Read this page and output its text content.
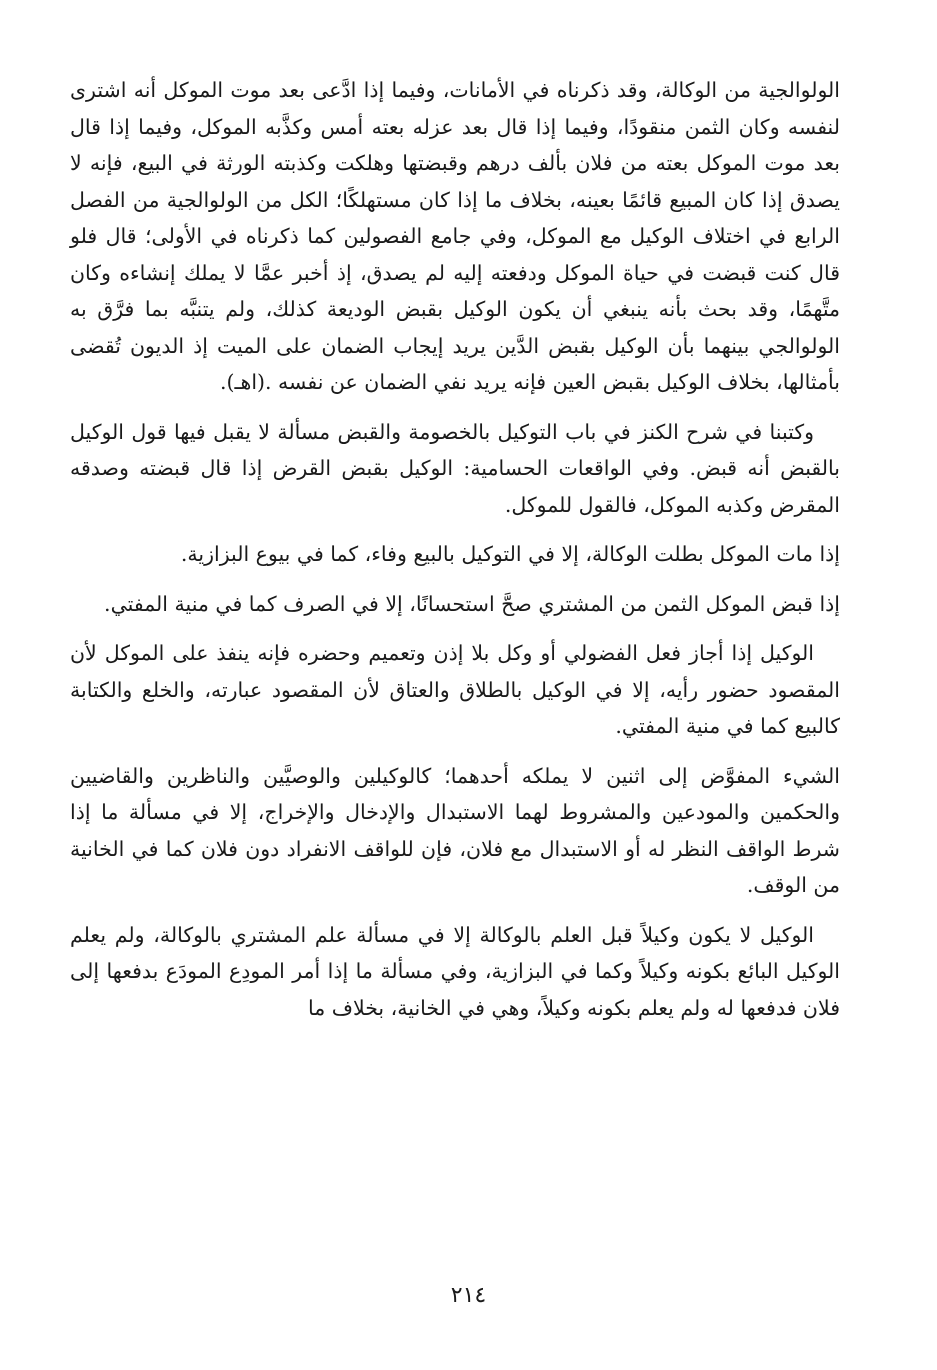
الولوالجية من الوكالة، وقد ذكرناه في الأمانات، وفيما إذا ادَّعى بعد موت الموكل أنه اشترى لنفسه وكان الثمن منقودًا، وفيما إذا قال بعد عزله بعته أمس وكذَّبه الموكل، وفيما إذا قال بعد موت الموكل بعته من فلان بألف درهم وقبضتها وهلكت وكذبته الورثة في البيع، فإنه لا يصدق إذا كان المبيع قائمًا بعينه، بخلاف ما إذا كان مستهلكًا؛ الكل من الولوالجية من الفصل الرابع في اختلاف الوكيل مع الموكل، وفي جامع الفصولين كما ذكرناه في الأولى؛ قال فلو قال كنت قبضت في حياة الموكل ودفعته إليه لم يصدق، إذ أخبر عمَّا لا يملك إنشاءه وكان متَّهمًا، وقد بحث بأنه ينبغي أن يكون الوكيل بقبض الوديعة كذلك، ولم يتنبَّه بما فرَّق به الولوالجي بينهما بأن الوكيل بقبض الدَّين يريد إيجاب الضمان على الميت إذ الديون تُقضى بأمثالها، بخلاف الوكيل بقبض العين فإنه يريد نفي الضمان عن نفسه .(اهـ).

وكتبنا في شرح الكنز في باب التوكيل بالخصومة والقبض مسألة لا يقبل فيها قول الوكيل بالقبض أنه قبض. وفي الواقعات الحسامية: الوكيل بقبض القرض إذا قال قبضته وصدقه المقرض وكذبه الموكل، فالقول للموكل.

إذا مات الموكل بطلت الوكالة، إلا في التوكيل بالبيع وفاء، كما في بيوع البزازية.

إذا قبض الموكل الثمن من المشتري صحَّ استحسانًا، إلا في الصرف كما في منية المفتي.

الوكيل إذا أجاز فعل الفضولي أو وكل بلا إذن وتعميم وحضره فإنه ينفذ على الموكل لأن المقصود حضور رأيه، إلا في الوكيل بالطلاق والعتاق لأن المقصود عبارته، والخلع والكتابة كالبيع كما في منية المفتي.

الشيء المفوَّض إلى اثنين لا يملكه أحدهما؛ كالوكيلين والوصيَّين والناظرين والقاضيين والحكمين والمودعين والمشروط لهما الاستبدال والإدخال والإخراج، إلا في مسألة ما إذا شرط الواقف النظر له أو الاستبدال مع فلان، فإن للواقف الانفراد دون فلان كما في الخانية من الوقف.

الوكيل لا يكون وكيلاً قبل العلم بالوكالة إلا في مسألة علم المشتري بالوكالة، ولم يعلم الوكيل البائع بكونه وكيلاً وكما في البزازية، وفي مسألة ما إذا أمر المودِع المودَع بدفعها إلى فلان فدفعها له ولم يعلم بكونه وكيلاً، وهي في الخانية، بخلاف ما

٢١٤
